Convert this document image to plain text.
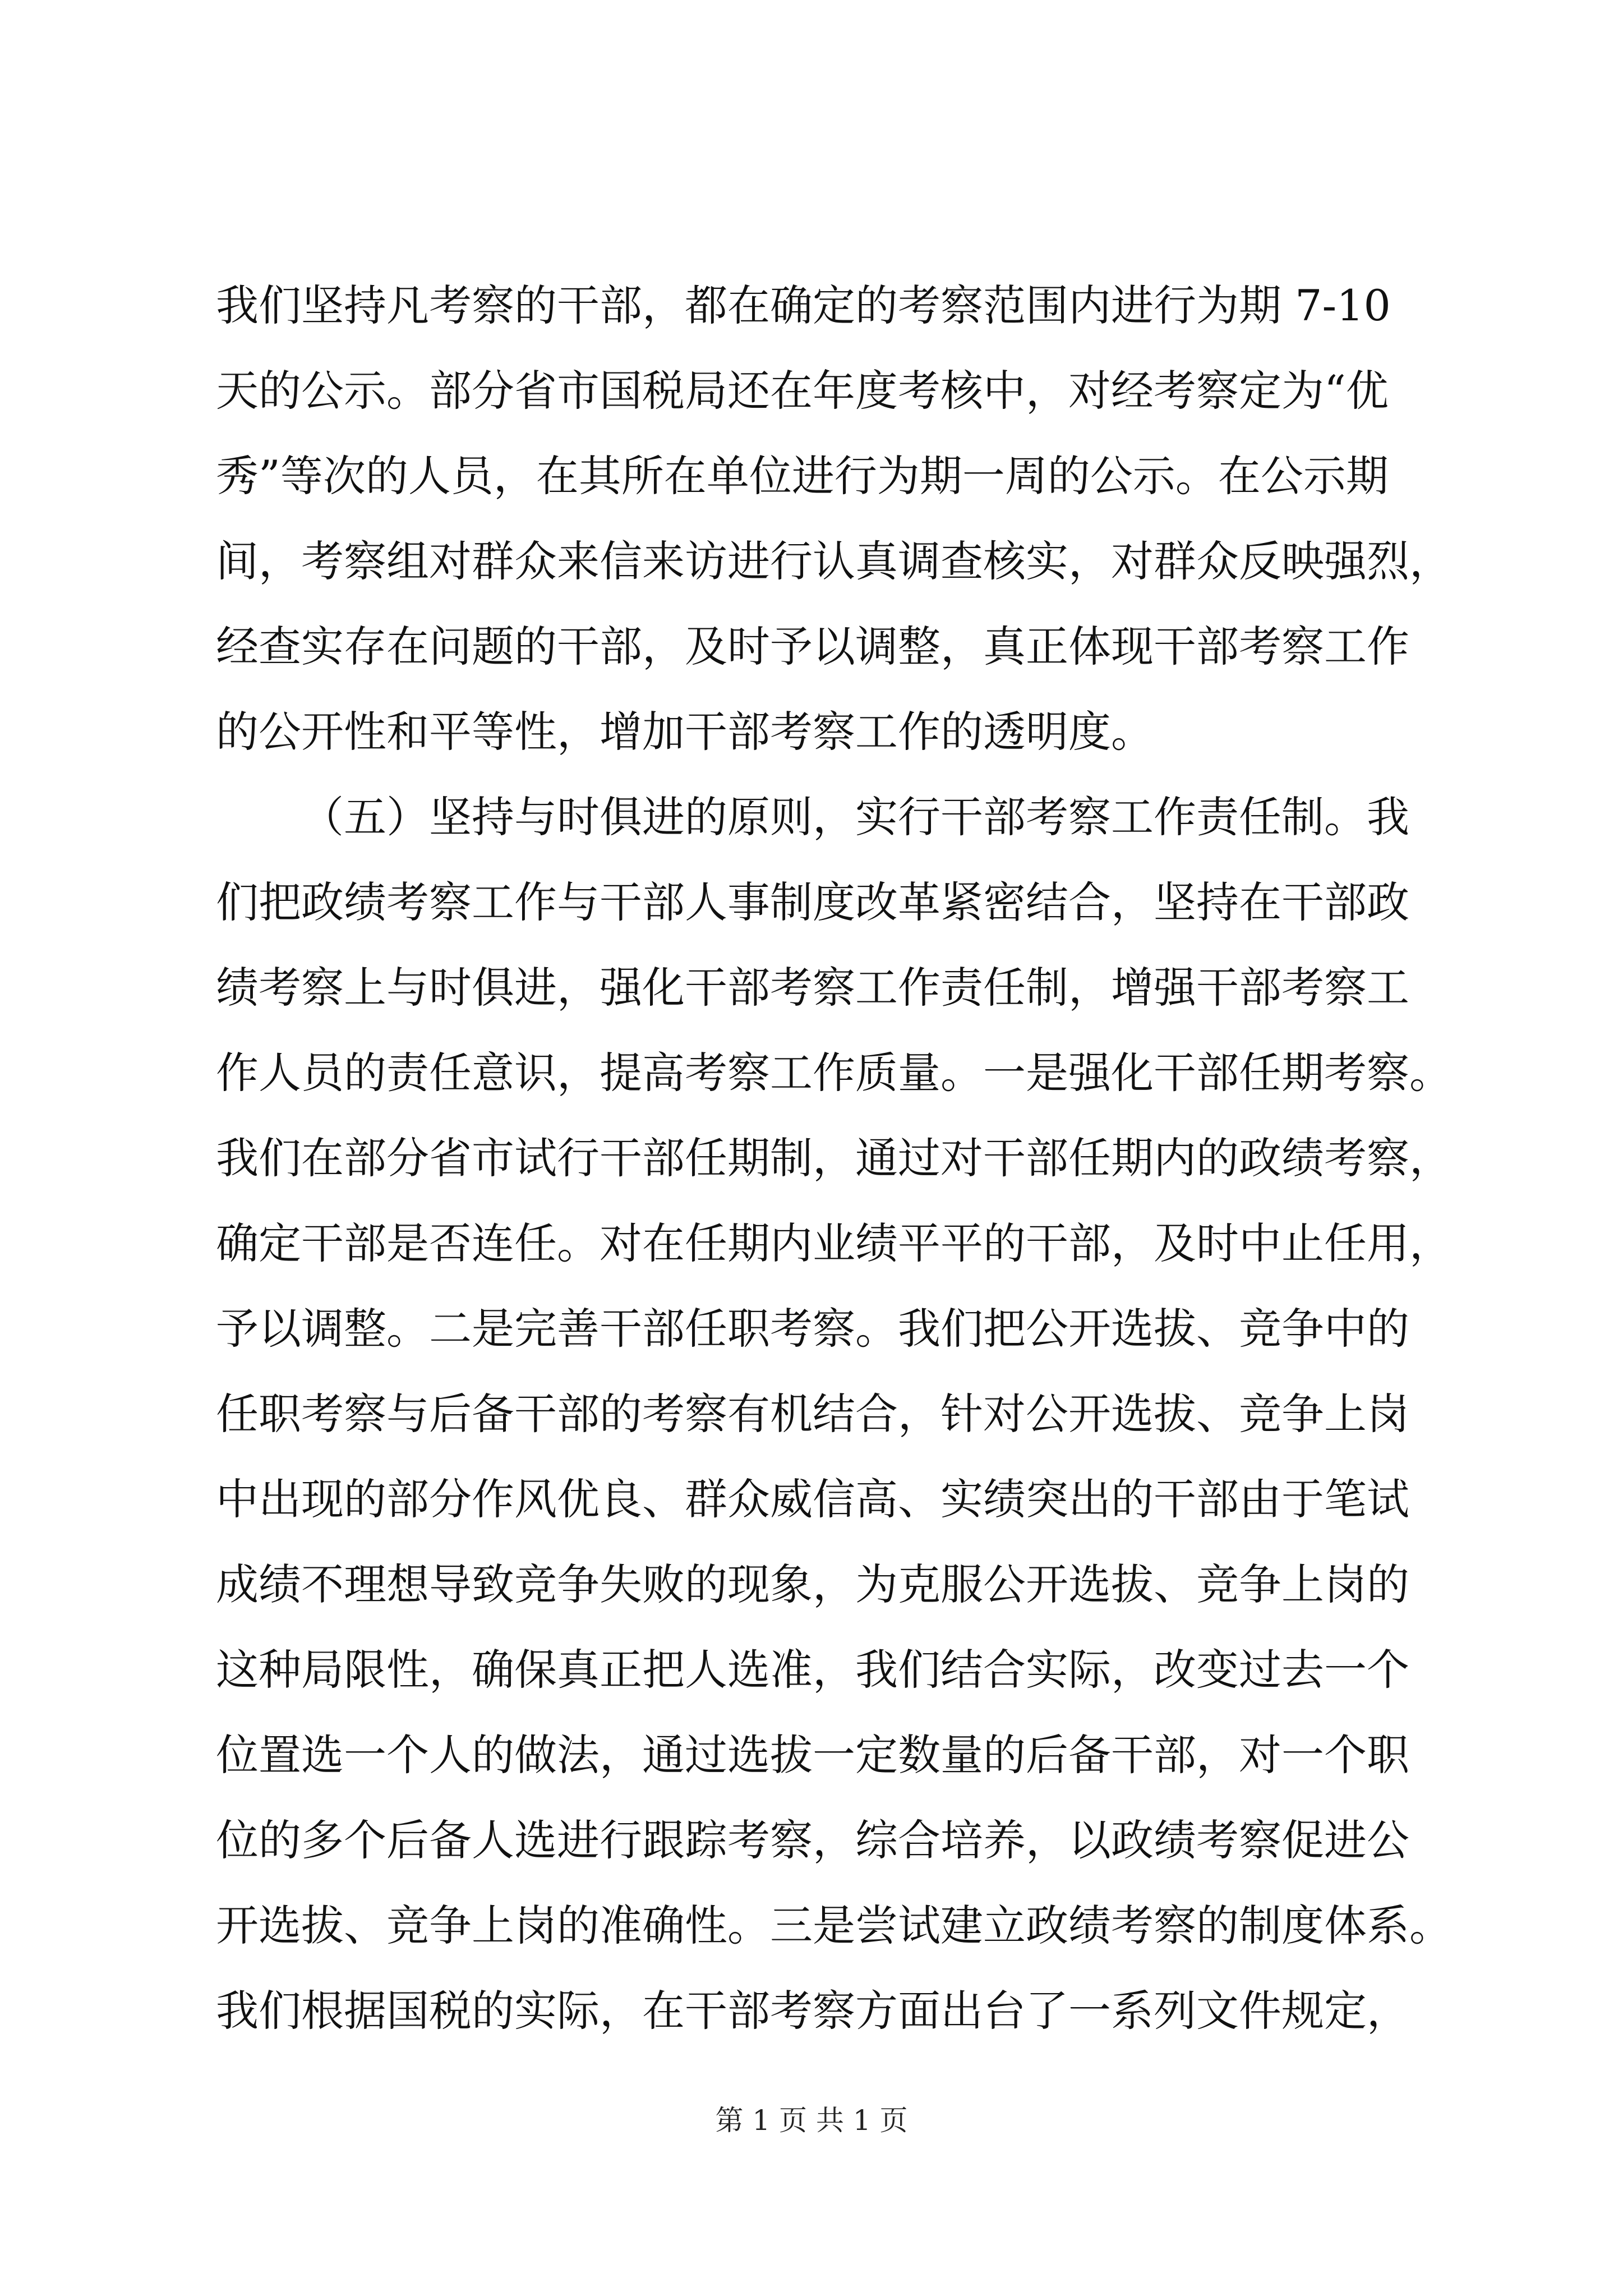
我们坚持凡考察的干部，都在确定的考察范围内进行为期 7-10
天的公示。部分省市国税局还在年度考核中，对经考察定为“优
秀”等次的人员，在其所在单位进行为期一周的公示。在公示期
间，考察组对群众来信来访进行认真调查核实，对群众反映强烈，
经查实存在问题的干部，及时予以调整，真正体现干部考察工作
的公开性和平等性，增加干部考察工作的透明度。
（五）坚持与时俱进的原则，实行干部考察工作责任制。我
们把政绩考察工作与干部人事制度改革紧密结合，坚持在干部政
绩考察上与时俱进，强化干部考察工作责任制，增强干部考察工
作人员的责任意识，提高考察工作质量。一是强化干部任期考察。
我们在部分省市试行干部任期制，通过对干部任期内的政绩考察，
确定干部是否连任。对在任期内业绩平平的干部，及时中止任用，
予以调整。二是完善干部任职考察。我们把公开选拔、竞争中的
任职考察与后备干部的考察有机结合，针对公开选拔、竞争上岗
中出现的部分作风优良、群众威信高、实绩突出的干部由于笔试
成绩不理想导致竞争失败的现象，为克服公开选拔、竞争上岗的
这种局限性，确保真正把人选准，我们结合实际，改变过去一个
位置选一个人的做法，通过选拔一定数量的后备干部，对一个职
位的多个后备人选进行跟踪考察，综合培养，以政绩考察促进公
开选拔、竞争上岗的准确性。三是尝试建立政绩考察的制度体系。
我们根据国税的实际，在干部考察方面出台了一系列文件规定，
第 1 页 共 1 页
